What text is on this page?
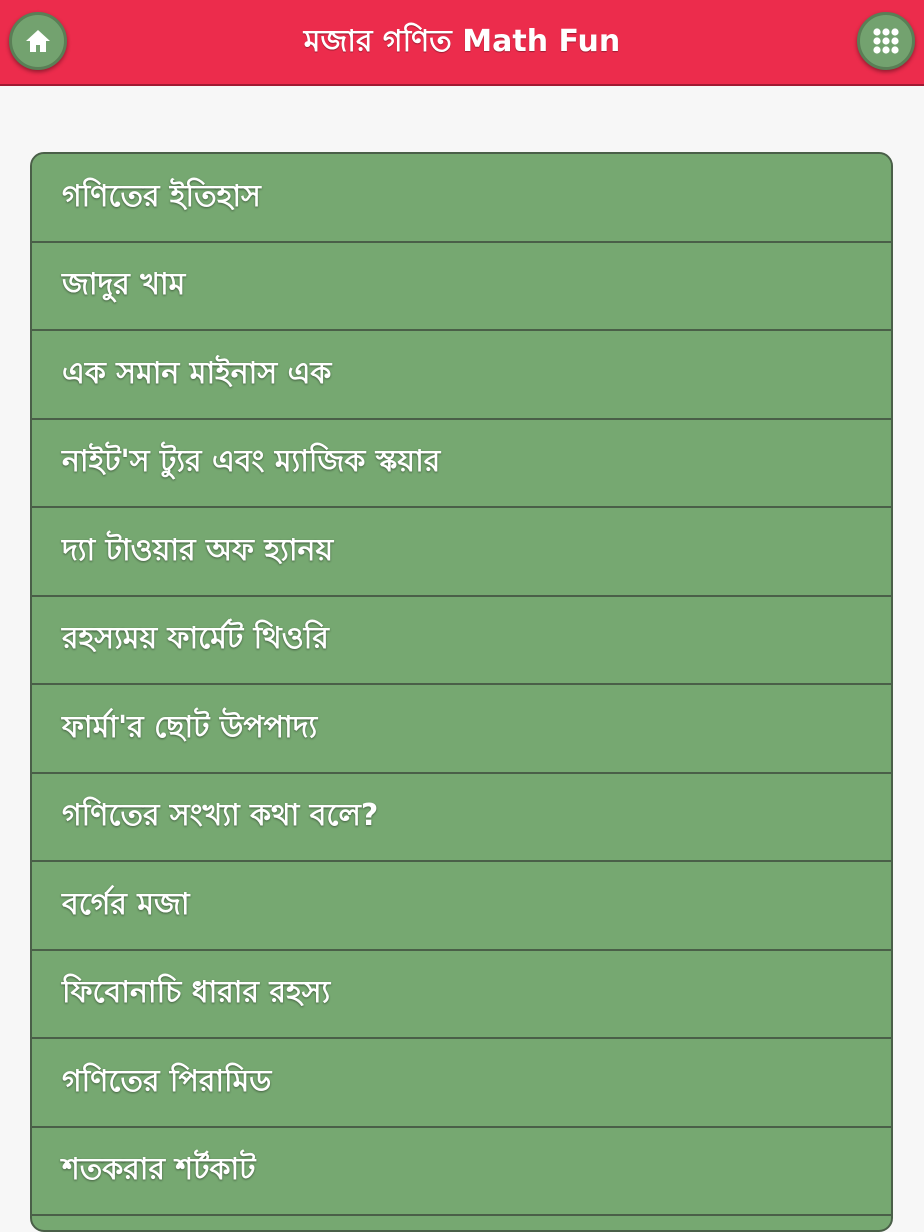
মজার গণিত Math Fun
গণিতের ইতিহাস
জাদুর খাম
এক সমান মাইনাস এক
নাইট'স ট্যুর এবং ম্যাজিক স্কয়ার
দ্যা টাওয়ার অফ হ্যানয়
রহস্যময় ফার্মেট থিওরি
ফার্মা'র ছোট উপপাদ্য
গণিতের সংখ্যা কথা বলে?
বর্গের মজা
ফিবোনাচি ধারার রহস্য
গণিতের পিরামিড
শতকরার শর্টকাট
